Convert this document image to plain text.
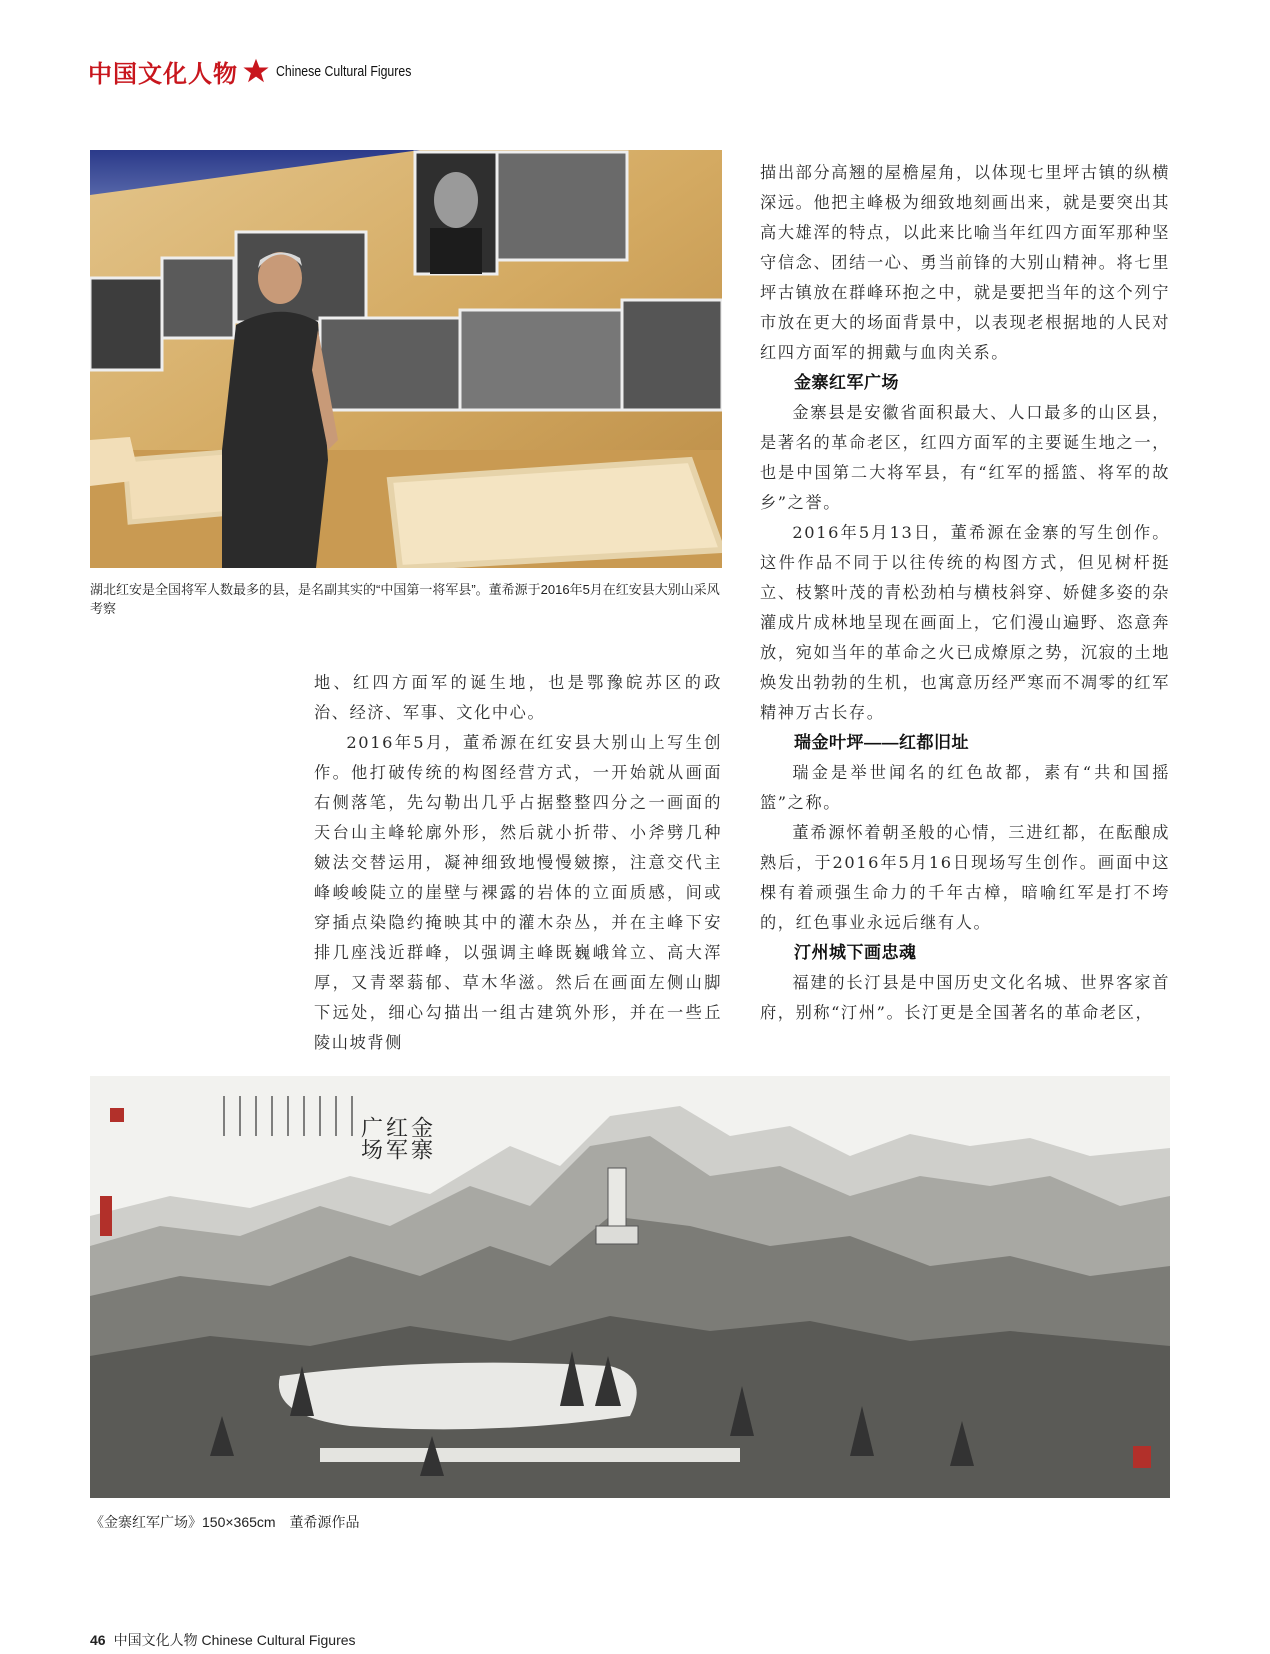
中国文化人物	Chinese Cultural Figures
湖北红安是全国将军人数最多的县，是名副其实的“中国第一将军县”。董希源于2016年5月在红安县大别山采风考察

地、红四方面军的诞生地，也是鄂豫皖苏区的政治、经济、军事、文化中心。

2016年5月，董希源在红安县大别山上写生创作。他打破传统的构图经营方式，一开始就从画面右侧落笔，先勾勒出几乎占据整整四分之一画面的天台山主峰轮廓外形，然后就小折带、小斧劈几种皴法交替运用，凝神细致地慢慢皴擦，注意交代主峰峻峻陡立的崖壁与裸露的岩体的立面质感，间或穿插点染隐约掩映其中的灌木杂丛，并在主峰下安排几座浅近群峰，以强调主峰既巍峨耸立、高大浑厚，又青翠蓊郁、草木华滋。然后在画面左侧山脚下远处，细心勾描出一组古建筑外形，并在一些丘陵山坡背侧

描出部分高翘的屋檐屋角，以体现七里坪古镇的纵横深远。他把主峰极为细致地刻画出来，就是要突出其高大雄浑的特点，以此来比喻当年红四方面军那种坚守信念、团结一心、勇当前锋的大别山精神。将七里坪古镇放在群峰环抱之中，就是要把当年的这个列宁市放在更大的场面背景中，以表现老根据地的人民对红四方面军的拥戴与血肉关系。

金寨红军广场

金寨县是安徽省面积最大、人口最多的山区县，是著名的革命老区，红四方面军的主要诞生地之一，也是中国第二大将军县，有“红军的摇篮、将军的故乡”之誉。

2016年5月13日，董希源在金寨的写生创作。这件作品不同于以往传统的构图方式，但见树杆挺立、枝繁叶茂的青松劲柏与横枝斜穿、娇健多姿的杂灌成片成林地呈现在画面上，它们漫山遍野、恣意奔放，宛如当年的革命之火已成燎原之势，沉寂的土地焕发出勃勃的生机，也寓意历经严寒而不凋零的红军精神万古长存。

瑞金叶坪——红都旧址

瑞金是举世闻名的红色故都，素有“共和国摇篮”之称。

董希源怀着朝圣般的心情，三进红都，在酝酿成熟后，于2016年5月16日现场写生创作。画面中这棵有着顽强生命力的千年古樟，暗喻红军是打不垮的，红色事业永远后继有人。

汀州城下画忠魂

福建的长汀县是中国历史文化名城、世界客家首府，别称“汀州”。长汀更是全国著名的革命老区，

金寨
红军
广场
《金寨红军广场》150×365cm　董希源作品
46 中国文化人物 Chinese Cultural Figures
